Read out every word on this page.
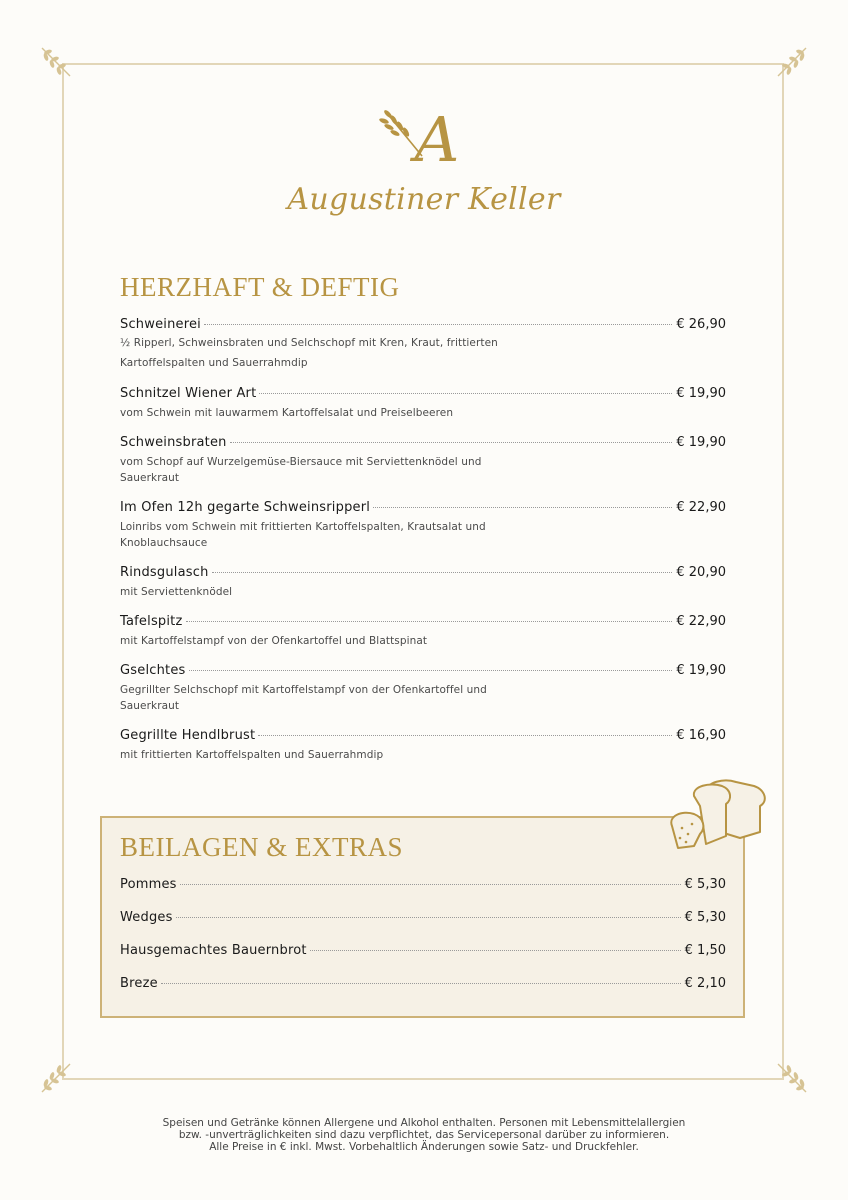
A
Augustiner Keller
HERZHAFT & DEFTIG
Schweinerei	€ 26,90
½ Ripperl, Schweinsbraten und Selchschopf mit Kren, Kraut, frittierten Kartoffelspalten und Sauerrahmdip
Schnitzel Wiener Art	€ 19,90
vom Schwein mit lauwarmem Kartoffelsalat und Preiselbeeren
Schweinsbraten	€ 19,90
vom Schopf auf Wurzelgemüse-Biersauce mit Serviettenknödel und Sauerkraut
Im Ofen 12h gegarte Schweinsripperl	€ 22,90
Loinribs vom Schwein mit frittierten Kartoffelspalten, Krautsalat und Knoblauchsauce
Rindsgulasch	€ 20,90
mit Serviettenknödel
Tafelspitz	€ 22,90
mit Kartoffelstampf von der Ofenkartoffel und Blattspinat
Gselchtes	€ 19,90
Gegrillter Selchschopf mit Kartoffelstampf von der Ofenkartoffel und Sauerkraut
Gegrillte Hendlbrust	€ 16,90
mit frittierten Kartoffelspalten und Sauerrahmdip
BEILAGEN & EXTRAS
Pommes	€ 5,30
Wedges	€ 5,30
Hausgemachtes Bauernbrot	€ 1,50
Breze	€ 2,10
Speisen und Getränke können Allergene und Alkohol enthalten. Personen mit Lebensmittelallergien
bzw. -unverträglichkeiten sind dazu verpflichtet, das Servicepersonal darüber zu informieren.
Alle Preise in € inkl. Mwst. Vorbehaltlich Änderungen sowie Satz- und Druckfehler.
